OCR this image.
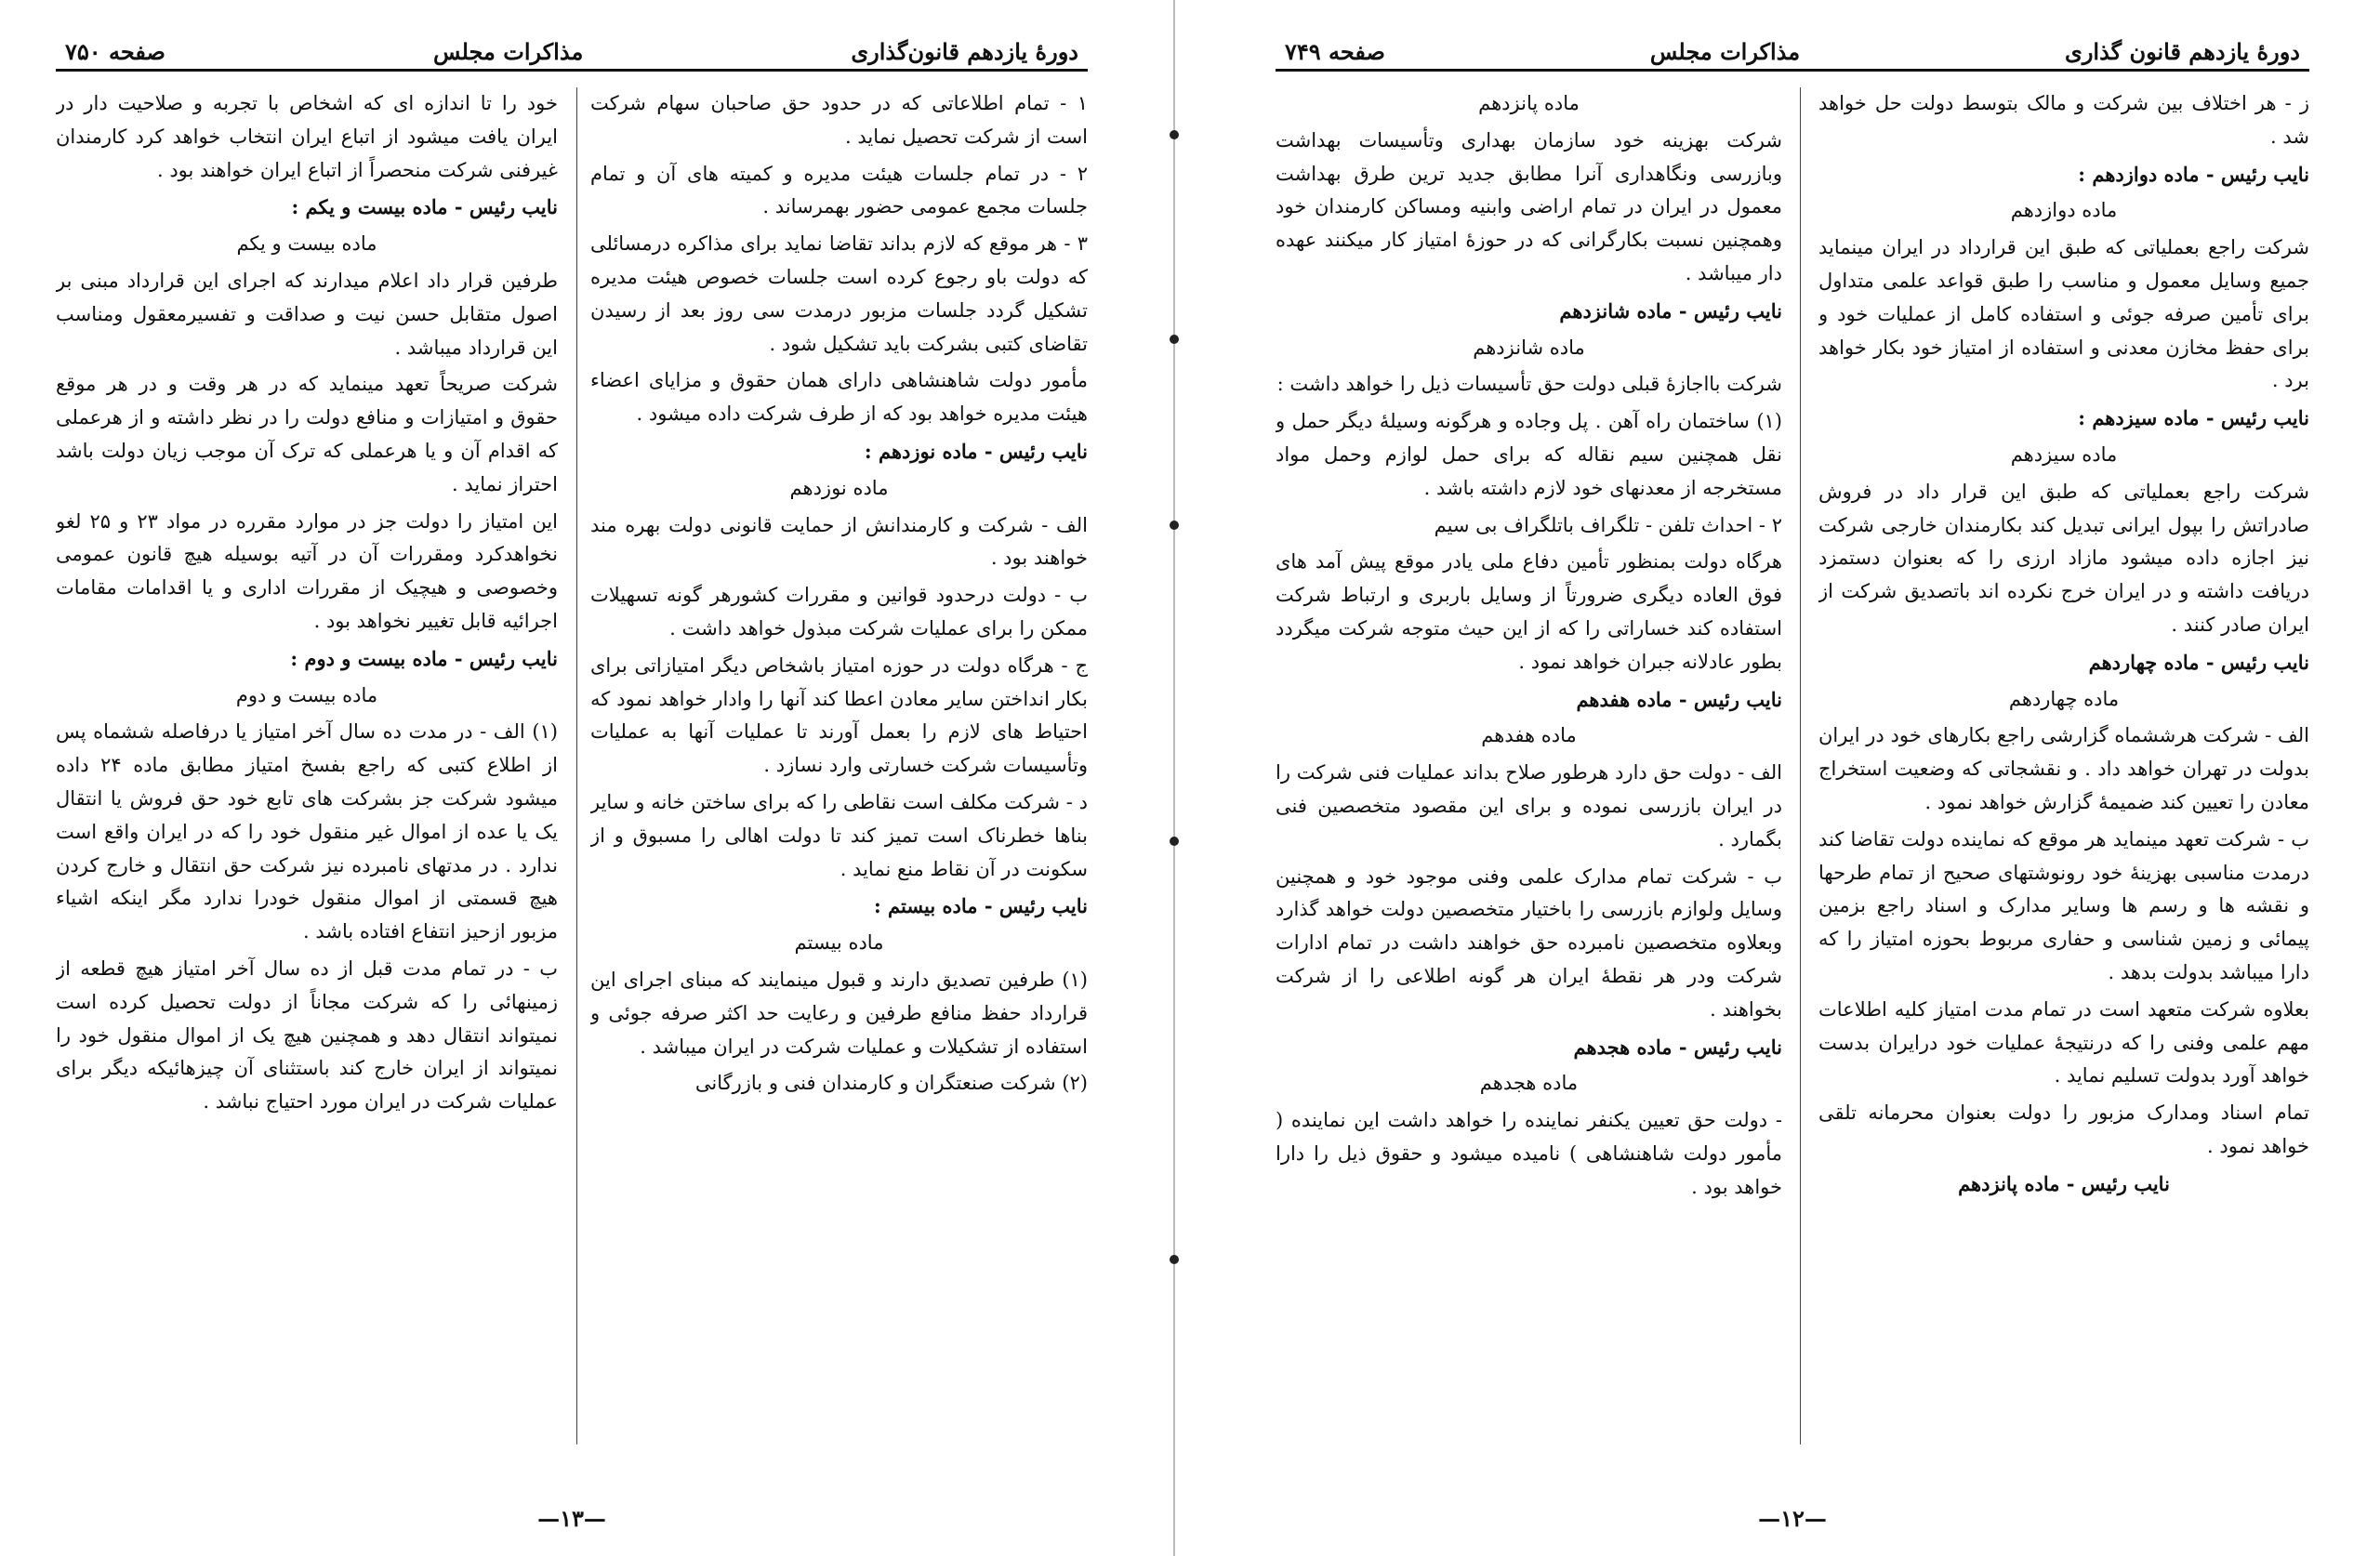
دورهٔ یازدهم قانون‌گذاری
مذاکرات مجلس
صفحه ۷۵۰

۱ - تمام اطلاعاتی که در حدود حق صاحبان سهام شرکت است از شرکت تحصیل نماید .

۲ - در تمام جلسات هیئت مدیره و کمیته های آن و تمام جلسات مجمع عمومی حضور بهمرساند .

۳ - هر موقع که لازم بداند تقاضا نماید برای مذاکره درمسائلی که دولت باو رجوع کرده است جلسات خصوص هیئت مدیره تشکیل گردد جلسات مزبور درمدت سی روز بعد از رسیدن تقاضای کتبی بشرکت باید تشکیل شود .

مأمور دولت شاهنشاهی دارای همان حقوق و مزایای اعضاء هیئت مدیره خواهد بود که از طرف شرکت داده میشود .

نایب رئیس - ماده نوزدهم :

ماده نوزدهم

الف - شرکت و کارمندانش از حمایت قانونی دولت بهره مند خواهند بود .

ب - دولت درحدود قوانین و مقررات کشورهر گونه تسهیلات ممکن را برای عملیات شرکت مبذول خواهد داشت .

ج - هرگاه دولت در حوزه امتیاز باشخاص دیگر امتیازاتی برای بکار انداختن سایر معادن اعطا کند آنها را وادار خواهد نمود که احتیاط های لازم را بعمل آورند تا عملیات آنها به عملیات وتأسیسات شرکت خسارتی وارد نسازد .

د - شرکت مکلف است نقاطی را که برای ساختن خانه و سایر بناها خطرناک است تمیز کند تا دولت اهالی را مسبوق و از سکونت در آن نقاط منع نماید .

نایب رئیس - ماده بیستم :

ماده بیستم

(۱) طرفین تصدیق دارند و قبول مینمایند که مبنای اجرای این قرارداد حفظ منافع طرفین و رعایت حد اکثر صرفه جوئی و استفاده از تشکیلات و عملیات شرکت در ایران میباشد .

(۲) شرکت صنعتگران و کارمندان فنی و بازرگانی

خود را تا اندازه ای که اشخاص با تجربه و صلاحیت دار در ایران یافت میشود از اتباع ایران انتخاب خواهد کرد کارمندان غیرفنی شرکت منحصراً از اتباع ایران خواهند بود .

نایب رئیس - ماده بیست و یکم :

ماده بیست و یکم

طرفین قرار داد اعلام میدارند که اجرای این قرارداد مبنی بر اصول متقابل حسن نیت و صداقت و تفسیرمعقول ومناسب این قرارداد میباشد .

شرکت صریحاً تعهد مینماید که در هر وقت و در هر موقع حقوق و امتیازات و منافع دولت را در نظر داشته و از هرعملی که اقدام آن و یا هرعملی که ترک آن موجب زیان دولت باشد احتراز نماید .

این امتیاز را دولت جز در موارد مقرره در مواد ۲۳ و ۲۵ لغو نخواهدکرد ومقررات آن در آتیه بوسیله هیچ قانون عمومی وخصوصی و هیچیک از مقررات اداری و یا اقدامات مقامات اجرائیه قابل تغییر نخواهد بود .

نایب رئیس - ماده بیست و دوم :

ماده بیست و دوم

(۱) الف - در مدت ده سال آخر امتیاز یا درفاصله ششماه پس از اطلاع کتبی که راجع بفسخ امتیاز مطابق ماده ۲۴ داده میشود شرکت جز بشرکت های تابع خود حق فروش یا انتقال یک یا عده از اموال غیر منقول خود را که در ایران واقع است ندارد . در مدتهای نامبرده نیز شرکت حق انتقال و خارج کردن هیچ قسمتی از اموال منقول خودرا ندارد مگر اینکه اشیاء مزبور ازحیز انتفاع افتاده باشد .

ب - در تمام مدت قبل از ده سال آخر امتیاز هیچ قطعه از زمینهائی را که شرکت مجاناً از دولت تحصیل کرده است نمیتواند انتقال دهد و همچنین هیچ یک از اموال منقول خود را نمیتواند از ایران خارج کند باستثنای آن چیزهائیکه دیگر برای عملیات شرکت در ایران مورد احتیاج نباشد .

—۱۳—
دورهٔ یازدهم قانون گذاری
مذاکرات مجلس
صفحه ۷۴۹

ز - هر اختلاف بین شرکت و مالک بتوسط دولت حل خواهد شد .

نایب رئیس - ماده دوازدهم :

ماده دوازدهم

شرکت راجع بعملیاتی که طبق این قرارداد در ایران مینماید جمیع وسایل معمول و مناسب را طبق قواعد علمی متداول برای تأمین صرفه جوئی و استفاده کامل از عملیات خود و برای حفظ مخازن معدنی و استفاده از امتیاز خود بکار خواهد برد .

نایب رئیس - ماده سیزدهم :

ماده سیزدهم

شرکت راجع بعملیاتی که طبق این قرار داد در فروش صادراتش را بپول ایرانی تبدیل کند بکارمندان خارجی شرکت نیز اجازه داده میشود مازاد ارزی را که بعنوان دستمزد دریافت داشته و در ایران خرج نکرده اند باتصدیق شرکت از ایران صادر کنند .

نایب رئیس - ماده چهاردهم

ماده چهاردهم

الف - شرکت هرششماه گزارشی راجع بکارهای خود در ایران بدولت در تهران خواهد داد . و نقشجاتی که وضعیت استخراج معادن را تعیین کند ضمیمهٔ گزارش خواهد نمود .

ب - شرکت تعهد مینماید هر موقع که نماینده دولت تقاضا کند درمدت مناسبی بهزینهٔ خود رونوشتهای صحیح از تمام طرحها و نقشه ها و رسم ها وسایر مدارک و اسناد راجع بزمین پیمائی و زمین شناسی و حفاری مربوط بحوزه امتیاز را که دارا میباشد بدولت بدهد .

بعلاوه شرکت متعهد است در تمام مدت امتیاز کلیه اطلاعات مهم علمی وفنی را که درنتیجهٔ عملیات خود درایران بدست خواهد آورد بدولت تسلیم نماید .

تمام اسناد ومدارک مزبور را دولت بعنوان محرمانه تلقی خواهد نمود .

نایب رئیس - ماده پانزدهم

ماده پانزدهم

شرکت بهزینه خود سازمان بهداری وتأسیسات بهداشت وبازرسی ونگاهداری آنرا مطابق جدید ترین طرق بهداشت معمول در ایران در تمام اراضی وابنیه ومساکن کارمندان خود وهمچنین نسبت بکارگرانی که در حوزهٔ امتیاز کار میکنند عهده دار میباشد .

نایب رئیس - ماده شانزدهم

ماده شانزدهم

شرکت بااجازهٔ قبلی دولت حق تأسیسات ذیل را خواهد داشت :

(۱) ساختمان راه آهن . پل وجاده و هرگونه وسیلهٔ دیگر حمل و نقل همچنین سیم نقاله که برای حمل لوازم وحمل مواد مستخرجه از معدنهای خود لازم داشته باشد .

۲ - احداث تلفن - تلگراف باتلگراف بی سیم

هرگاه دولت بمنظور تأمین دفاع ملی یادر موقع پیش آمد های فوق العاده دیگری ضرورتاً از وسایل باربری و ارتباط شرکت استفاده کند خساراتی را که از این حیث متوجه شرکت میگردد بطور عادلانه جبران خواهد نمود .

نایب رئیس - ماده هفدهم

ماده هفدهم

الف - دولت حق دارد هرطور صلاح بداند عملیات فنی شرکت را در ایران بازرسی نموده و برای این مقصود متخصصین فنی بگمارد .

ب - شرکت تمام مدارک علمی وفنی موجود خود و همچنین وسایل ولوازم بازرسی را باختیار متخصصین دولت خواهد گذارد وبعلاوه متخصصین نامبرده حق خواهند داشت در تمام ادارات شرکت ودر هر نقطهٔ ایران هر گونه اطلاعی را از شرکت بخواهند .

نایب رئیس - ماده هجدهم

ماده هجدهم

- دولت حق تعیین یکنفر نماینده را خواهد داشت این نماینده ( مأمور دولت شاهنشاهی ) نامیده میشود و حقوق ذیل را دارا خواهد بود .

—۱۲—
